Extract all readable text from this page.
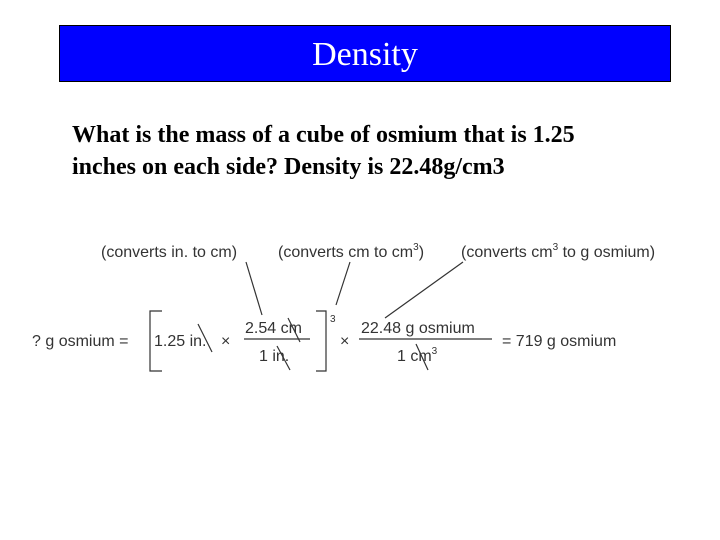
Density
What is the mass of a cube of osmium that is 1.25
inches on each side? Density is 22.48g/cm3
(converts in. to cm)	(converts cm to $cm^3$) (converts $cm^3$ to g osmium)
? g osmium = 1.25 in. ×
2.54 cm
1 in.
3
×
22.48 g osmium
1 $cm^3$
= 719 g osmium
